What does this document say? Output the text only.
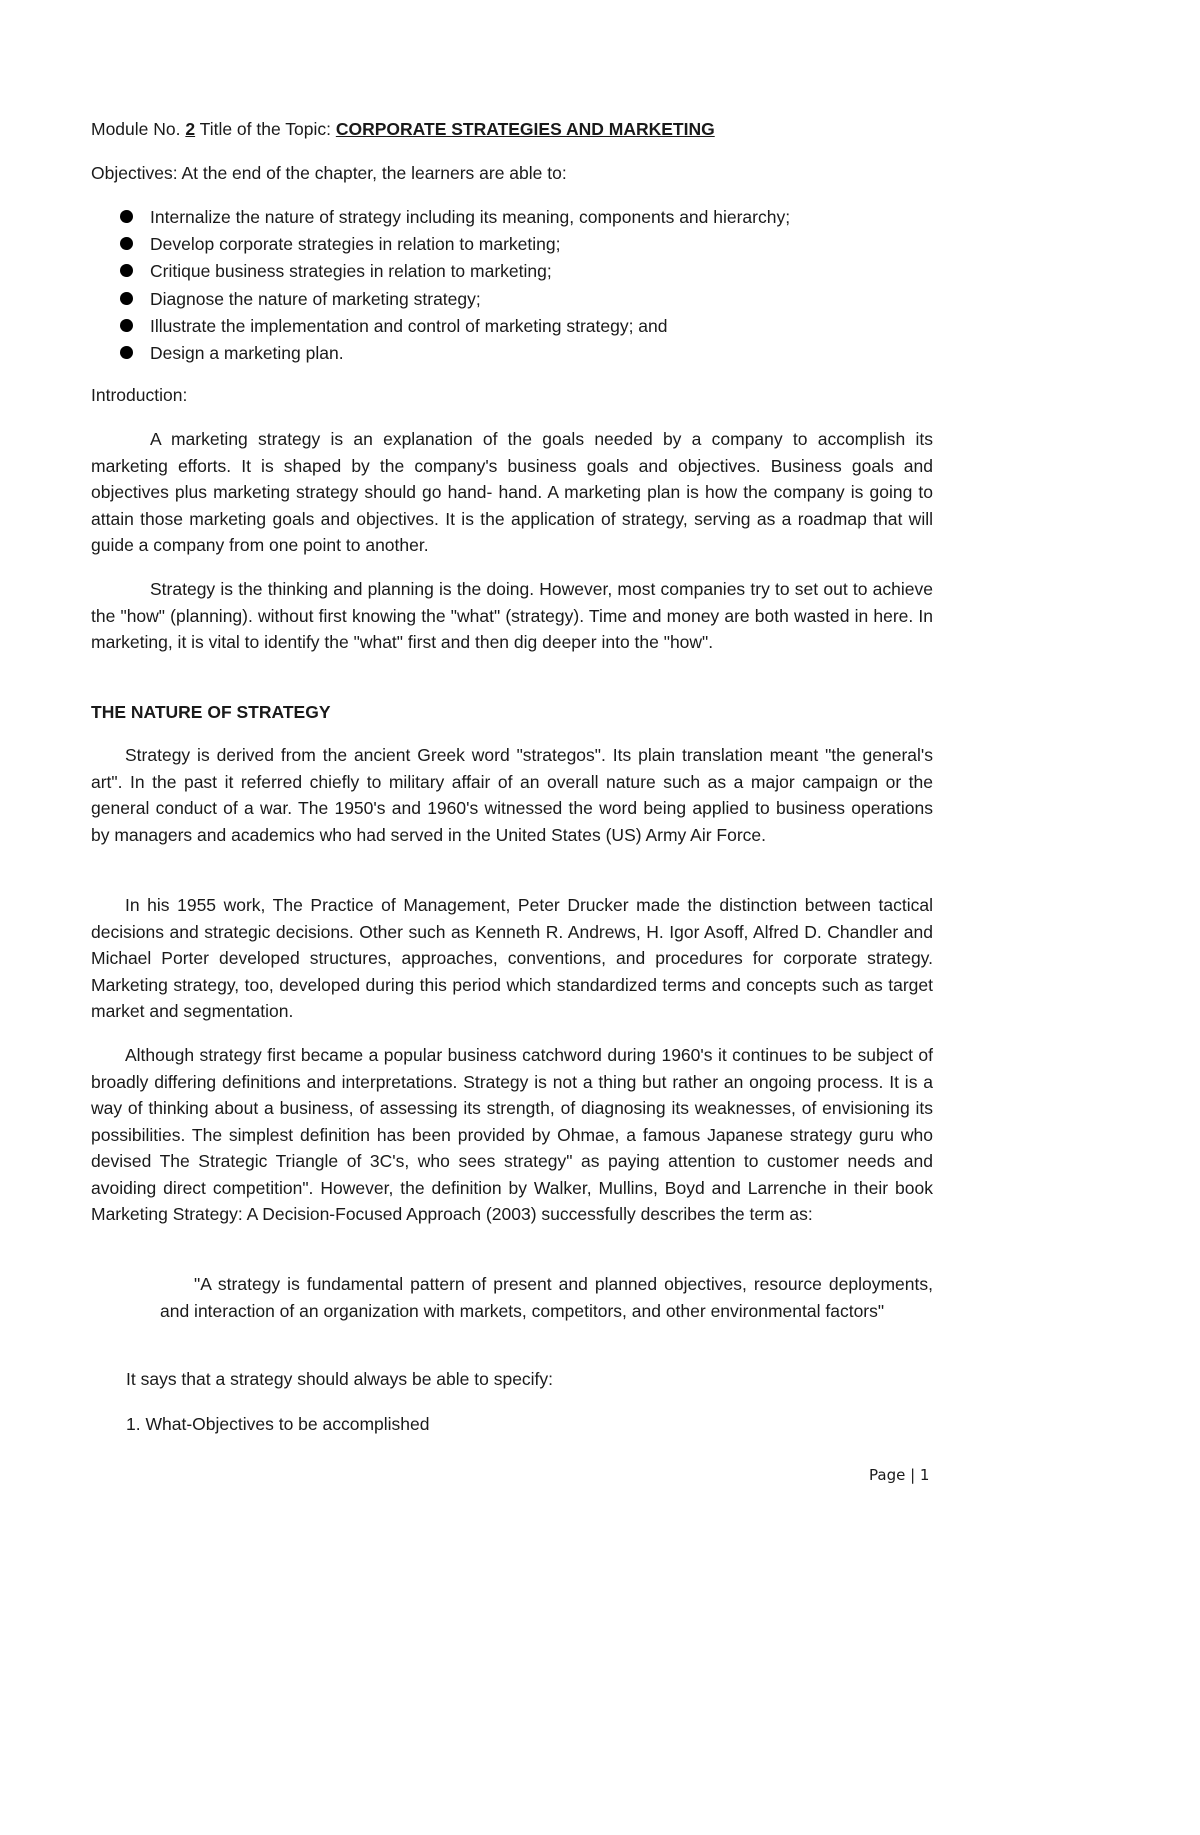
Module No. 2 Title of the Topic: CORPORATE STRATEGIES AND MARKETING
Objectives: At the end of the chapter, the learners are able to:
Internalize the nature of strategy including its meaning, components and hierarchy;
Develop corporate strategies in relation to marketing;
Critique business strategies in relation to marketing;
Diagnose the nature of marketing strategy;
Illustrate the implementation and control of marketing strategy; and
Design a marketing plan.
Introduction:

A marketing strategy is an explanation of the goals needed by a company to accomplish its marketing efforts. It is shaped by the company's business goals and objectives. Business goals and objectives plus marketing strategy should go hand- hand. A marketing plan is how the company is going to attain those marketing goals and objectives. It is the application of strategy, serving as a roadmap that will guide a company from one point to another.

Strategy is the thinking and planning is the doing. However, most companies try to set out to achieve the "how" (planning). without first knowing the "what" (strategy). Time and money are both wasted in here. In marketing, it is vital to identify the "what" first and then dig deeper into the "how".

THE NATURE OF STRATEGY

Strategy is derived from the ancient Greek word "strategos". Its plain translation meant "the general's art". In the past it referred chiefly to military affair of an overall nature such as a major campaign or the general conduct of a war. The 1950's and 1960's witnessed the word being applied to business operations by managers and academics who had served in the United States (US) Army Air Force.

In his 1955 work, The Practice of Management, Peter Drucker made the distinction between tactical decisions and strategic decisions. Other such as Kenneth R. Andrews, H. Igor Asoff, Alfred D. Chandler and Michael Porter developed structures, approaches, conventions, and procedures for corporate strategy. Marketing strategy, too, developed during this period which standardized terms and concepts such as target market and segmentation.

Although strategy first became a popular business catchword during 1960's it continues to be subject of broadly differing definitions and interpretations. Strategy is not a thing but rather an ongoing process. It is a way of thinking about a business, of assessing its strength, of diagnosing its weaknesses, of envisioning its possibilities. The simplest definition has been provided by Ohmae, a famous Japanese strategy guru who devised The Strategic Triangle of 3C's, who sees strategy" as paying attention to customer needs and avoiding direct competition". However, the definition by Walker, Mullins, Boyd and Larrenche in their book Marketing Strategy: A Decision-Focused Approach (2003) successfully describes the term as:

"A strategy is fundamental pattern of present and planned objectives, resource deployments, and interaction of an organization with markets, competitors, and other environmental factors"

It says that a strategy should always be able to specify:
1. What-Objectives to be accomplished
Page | 1
